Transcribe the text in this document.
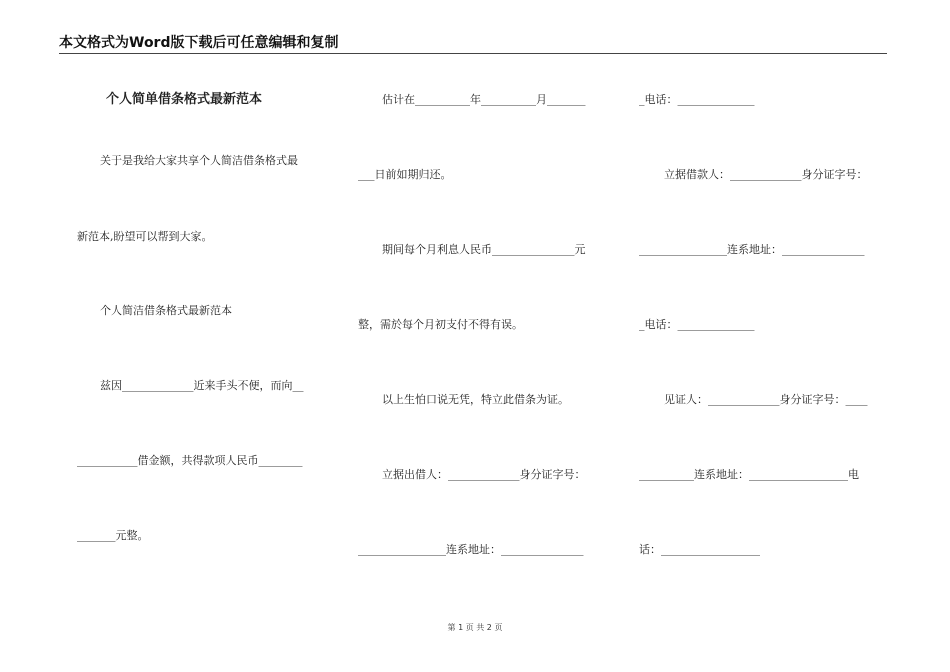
本文格式为Word版下载后可任意编辑和复制
个人简单借条格式最新范本
关于是我给大家共享个人简洁借条格式最
新范本,盼望可以帮到大家。
个人简洁借条格式最新范本
兹因_____________近来手头不便，而向__
___________借金额，共得款项人民币________
_______元整。
估计在__________年__________月_______
___日前如期归还。
期间每个月利息人民币_______________元
整，需於每个月初支付不得有误。
以上生怕口说无凭，特立此借条为证。
立据出借人：_____________身分证字号：
________________连系地址：_______________
_电话：______________
立据借款人：_____________身分证字号：
________________连系地址：_______________
_电话：______________
见证人：_____________身分证字号：____
__________连系地址：__________________电
话：__________________
第 1 页 共 2 页
